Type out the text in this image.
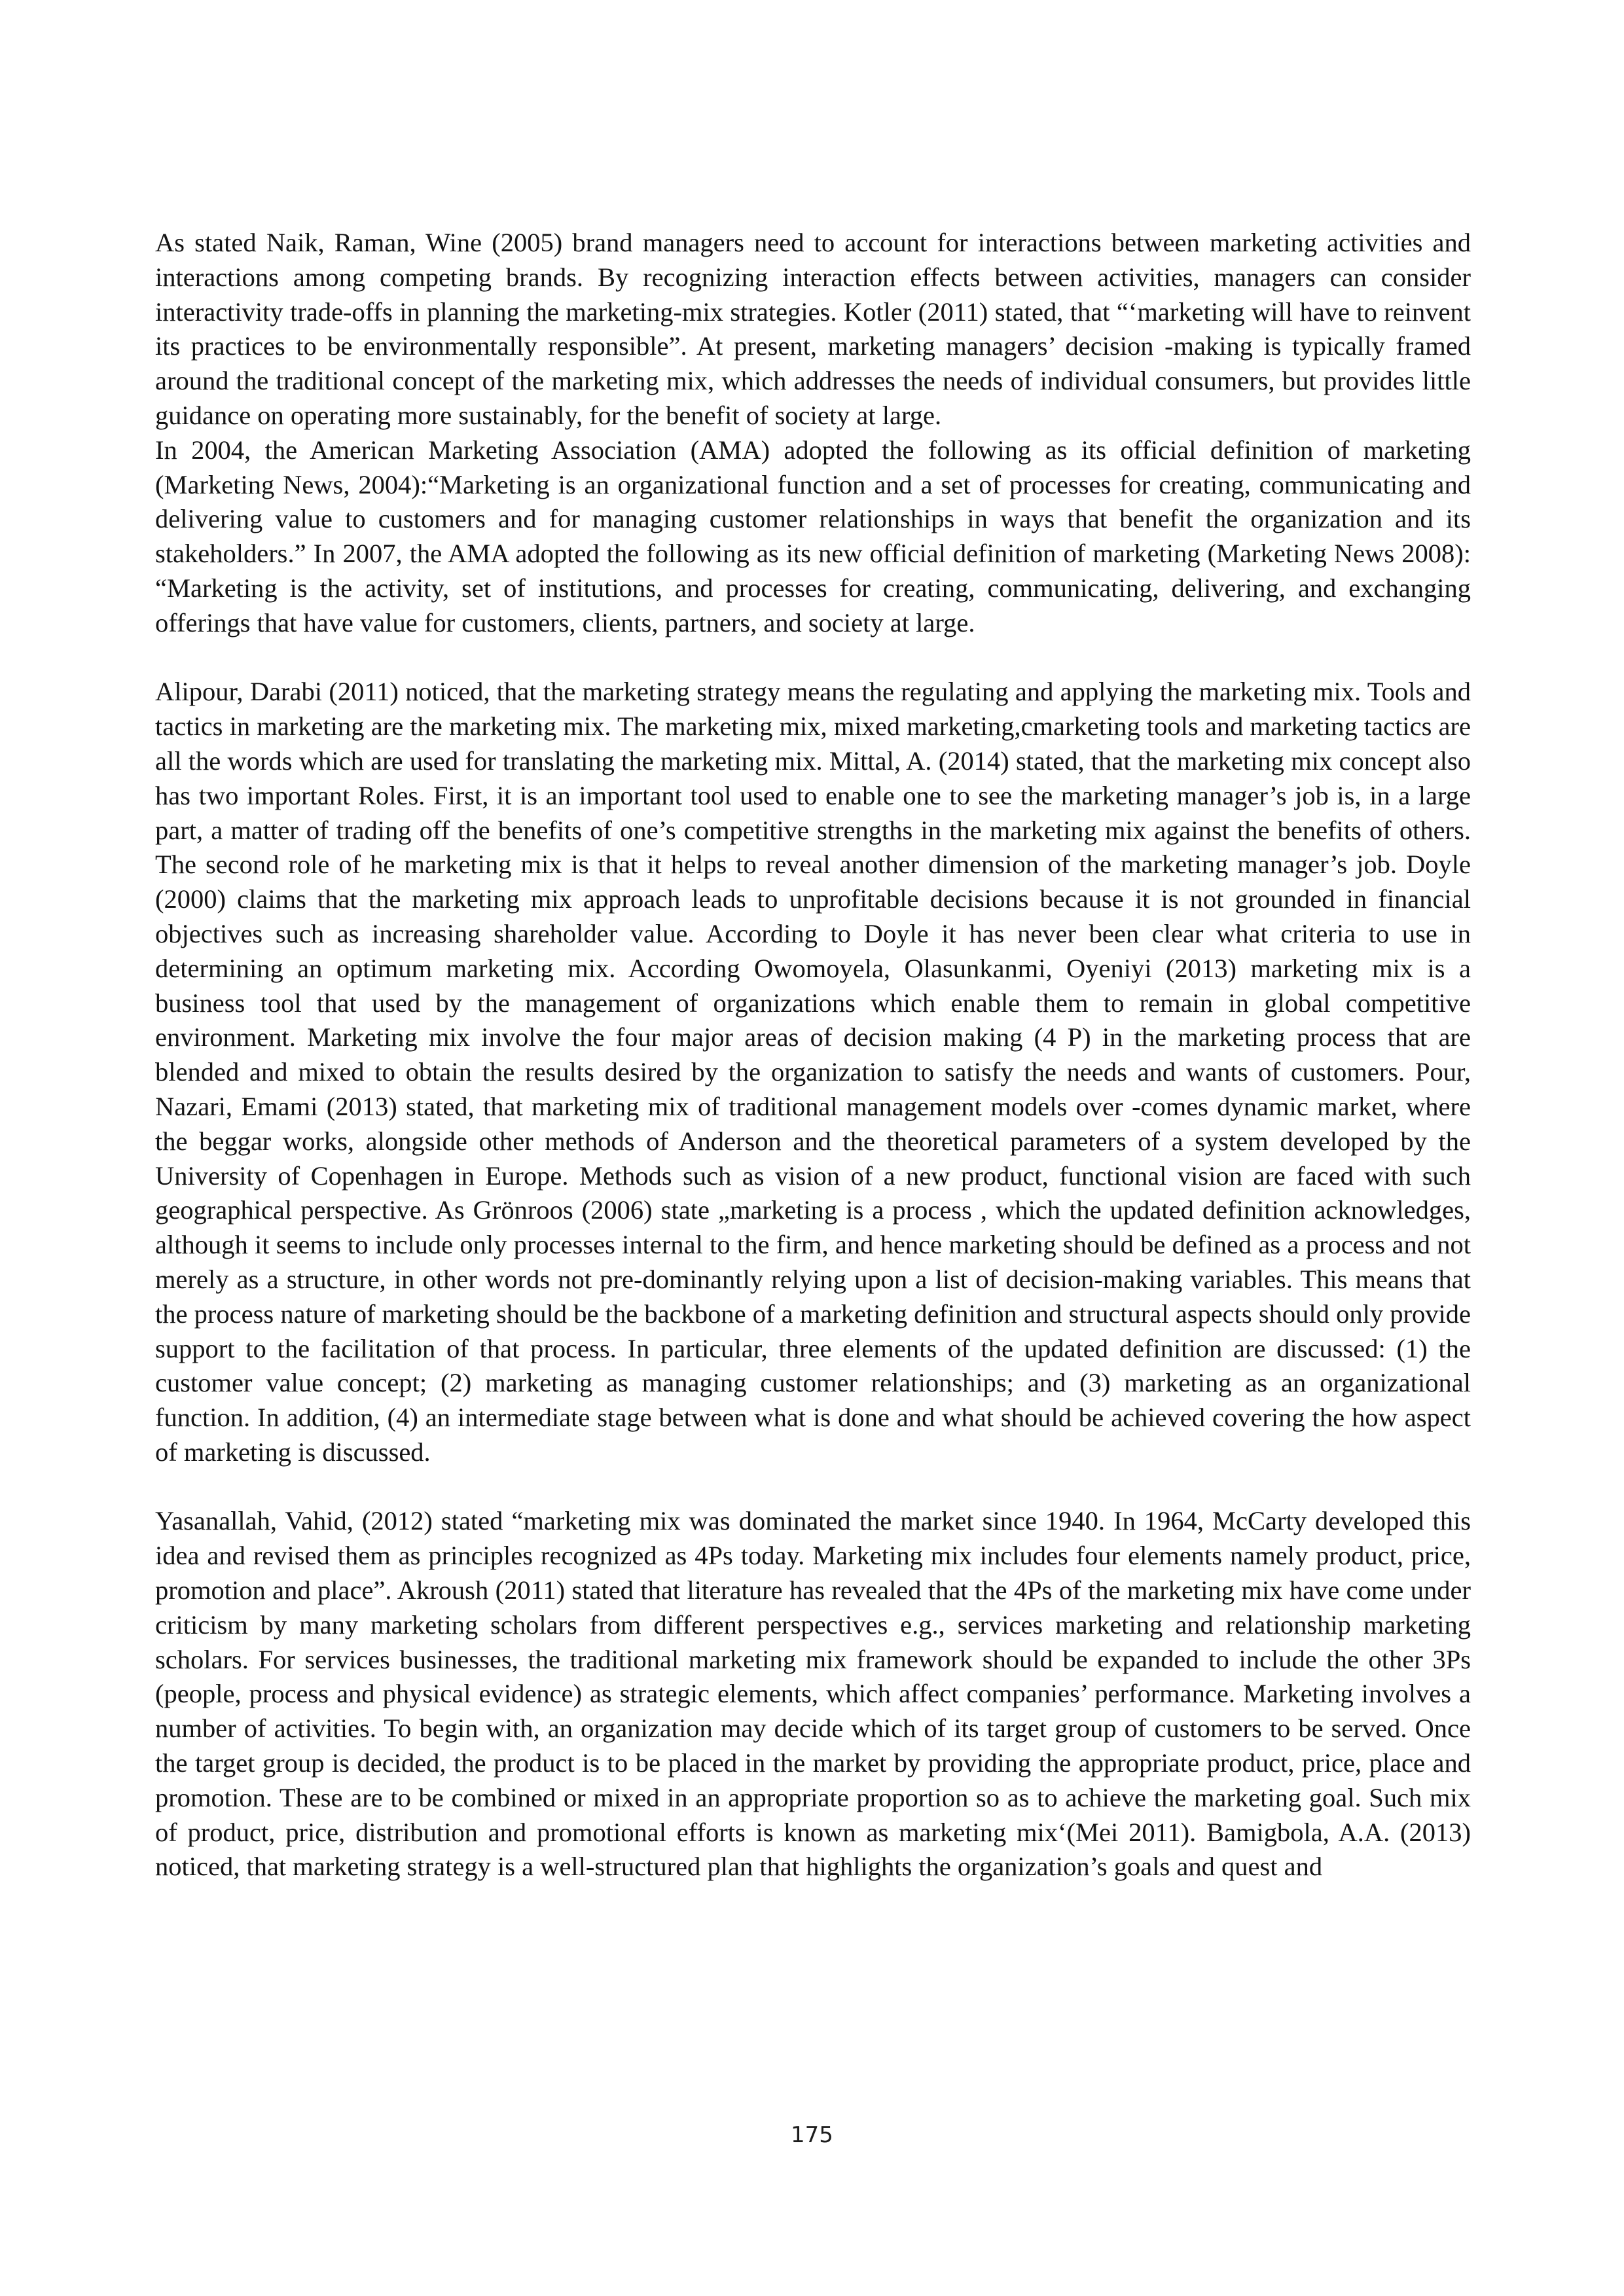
As stated Naik, Raman, Wine (2005) brand managers need to account for interactions between marketing activities and interactions among competing brands. By recognizing interaction effects between activities, managers can consider interactivity trade-offs in planning the marketing-mix strategies. Kotler (2011) stated, that “‘marketing will have to reinvent its practices to be environmentally responsible”. At present, marketing managers’ decision -making is typically framed around the traditional concept of the marketing mix, which addresses the needs of individual consumers, but provides little guidance on operating more sustainably, for the benefit of society at large.

In 2004, the American Marketing Association (AMA) adopted the following as its official definition of marketing (Marketing News, 2004):“Marketing is an organizational function and a set of processes for creating, communicating and delivering value to customers and for managing customer relationships in ways that benefit the organization and its stakeholders.” In 2007, the AMA adopted the following as its new official definition of marketing (Marketing News 2008): “Marketing is the activity, set of institutions, and processes for creating, communicating, delivering, and exchanging offerings that have value for customers, clients, partners, and society at large.

Alipour, Darabi (2011) noticed, that the marketing strategy means the regulating and applying the marketing mix. Tools and tactics in marketing are the marketing mix. The marketing mix, mixed marketing,cmarketing tools and marketing tactics are all the words which are used for translating the marketing mix. Mittal, A. (2014) stated, that the marketing mix concept also has two important Roles. First, it is an important tool used to enable one to see the marketing manager’s job is, in a large part, a matter of trading off the benefits of one’s competitive strengths in the marketing mix against the benefits of others. The second role of he marketing mix is that it helps to reveal another dimension of the marketing manager’s job. Doyle (2000) claims that the marketing mix approach leads to unprofitable decisions because it is not grounded in financial objectives such as increasing shareholder value. According to Doyle it has never been clear what criteria to use in determining an optimum marketing mix. According Owomoyela, Olasunkanmi, Oyeniyi (2013) marketing mix is a business tool that used by the management of organizations which enable them to remain in global competitive environment. Marketing mix involve the four major areas of decision making (4 P) in the marketing process that are blended and mixed to obtain the results desired by the organization to satisfy the needs and wants of customers. Pour, Nazari, Emami (2013) stated, that marketing mix of traditional management models over -comes dynamic market, where the beggar works, alongside other methods of Anderson and the theoretical parameters of a system developed by the University of Copenhagen in Europe. Methods such as vision of a new product, functional vision are faced with such geographical perspective. As Grönroos (2006) state „marketing is a process , which the updated definition acknowledges, although it seems to include only processes internal to the firm, and hence marketing should be defined as a process and not merely as a structure, in other words not pre-dominantly relying upon a list of decision-making variables. This means that the process nature of marketing should be the backbone of a marketing definition and structural aspects should only provide support to the facilitation of that process. In particular, three elements of the updated definition are discussed: (1) the customer value concept; (2) marketing as managing customer relationships; and (3) marketing as an organizational function. In addition, (4) an intermediate stage between what is done and what should be achieved covering the how aspect of marketing is discussed.

Yasanallah, Vahid, (2012) stated “marketing mix was dominated the market since 1940. In 1964, McCarty developed this idea and revised them as principles recognized as 4Ps today. Marketing mix includes four elements namely product, price, promotion and place”. Akroush (2011) stated that literature has revealed that the 4Ps of the marketing mix have come under criticism by many marketing scholars from different perspectives e.g., services marketing and relationship marketing scholars. For services businesses, the traditional marketing mix framework should be expanded to include the other 3Ps (people, process and physical evidence) as strategic elements, which affect companies’ performance. Marketing involves a number of activities. To begin with, an organization may decide which of its target group of customers to be served. Once the target group is decided, the product is to be placed in the market by providing the appropriate product, price, place and promotion. These are to be combined or mixed in an appropriate proportion so as to achieve the marketing goal. Such mix of product, price, distribution and promotional efforts is known as marketing mix‘(Mei 2011). Bamigbola, A.A. (2013) noticed, that marketing strategy is a well-structured plan that highlights the organization’s goals and quest and

175
